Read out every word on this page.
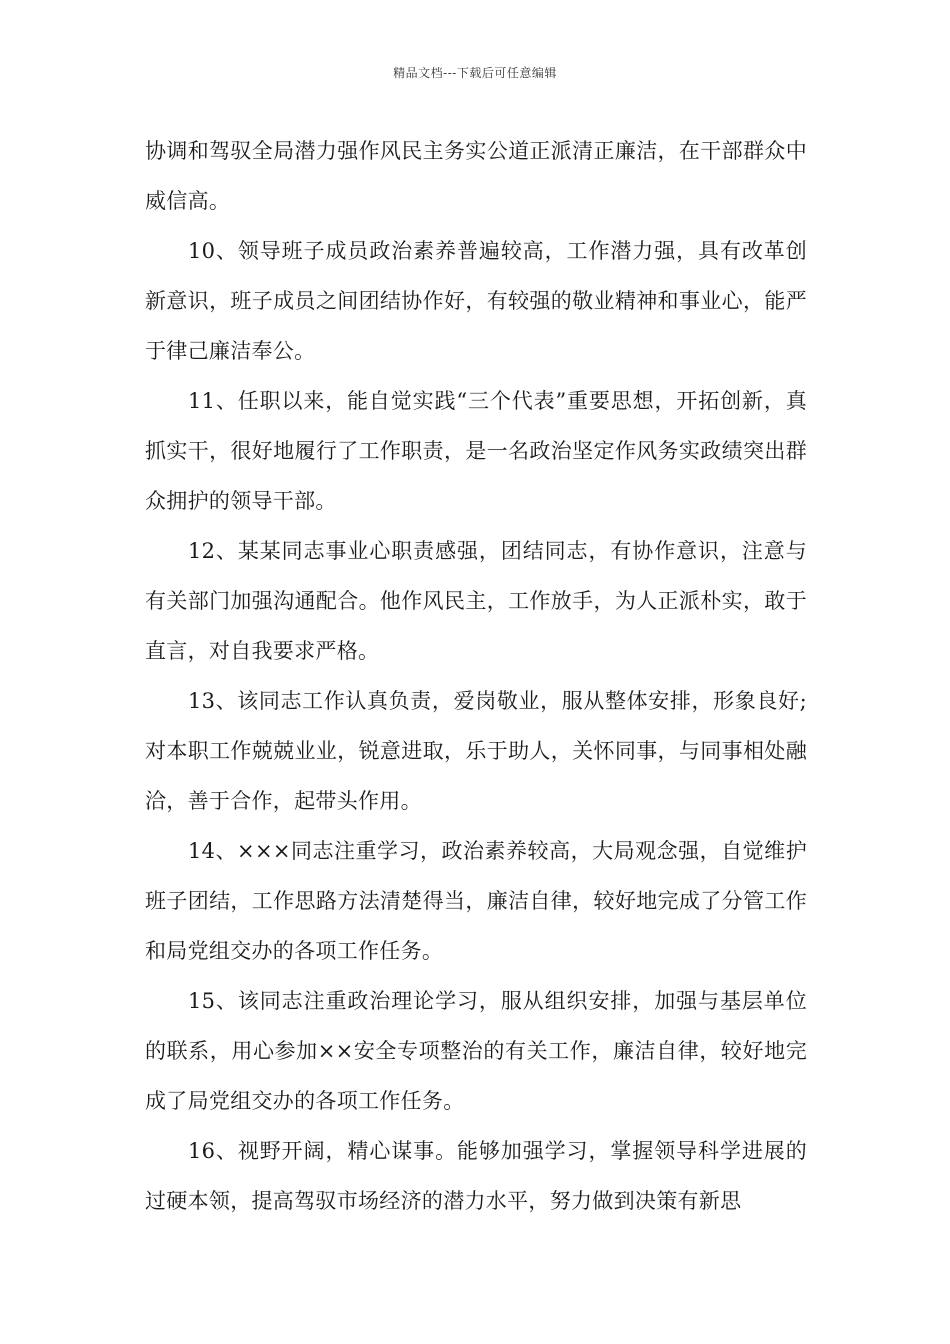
精品文档---下载后可任意编辑

协调和驾驭全局潜力强作风民主务实公道正派清正廉洁，在干部群众中威信高。

10、领导班子成员政治素养普遍较高，工作潜力强，具有改革创新意识，班子成员之间团结协作好，有较强的敬业精神和事业心，能严于律己廉洁奉公。

11、任职以来，能自觉实践“三个代表”重要思想，开拓创新，真抓实干，很好地履行了工作职责，是一名政治坚定作风务实政绩突出群众拥护的领导干部。

12、某某同志事业心职责感强，团结同志，有协作意识，注意与有关部门加强沟通配合。他作风民主，工作放手，为人正派朴实，敢于直言，对自我要求严格。

13、该同志工作认真负责，爱岗敬业，服从整体安排，形象良好;对本职工作兢兢业业，锐意进取，乐于助人，关怀同事，与同事相处融洽，善于合作，起带头作用。

14、×××同志注重学习，政治素养较高，大局观念强，自觉维护班子团结，工作思路方法清楚得当，廉洁自律，较好地完成了分管工作和局党组交办的各项工作任务。

15、该同志注重政治理论学习，服从组织安排，加强与基层单位的联系，用心参加××安全专项整治的有关工作，廉洁自律，较好地完成了局党组交办的各项工作任务。

16、视野开阔，精心谋事。能够加强学习，掌握领导科学进展的过硬本领，提高驾驭市场经济的潜力水平，努力做到决策有新思
